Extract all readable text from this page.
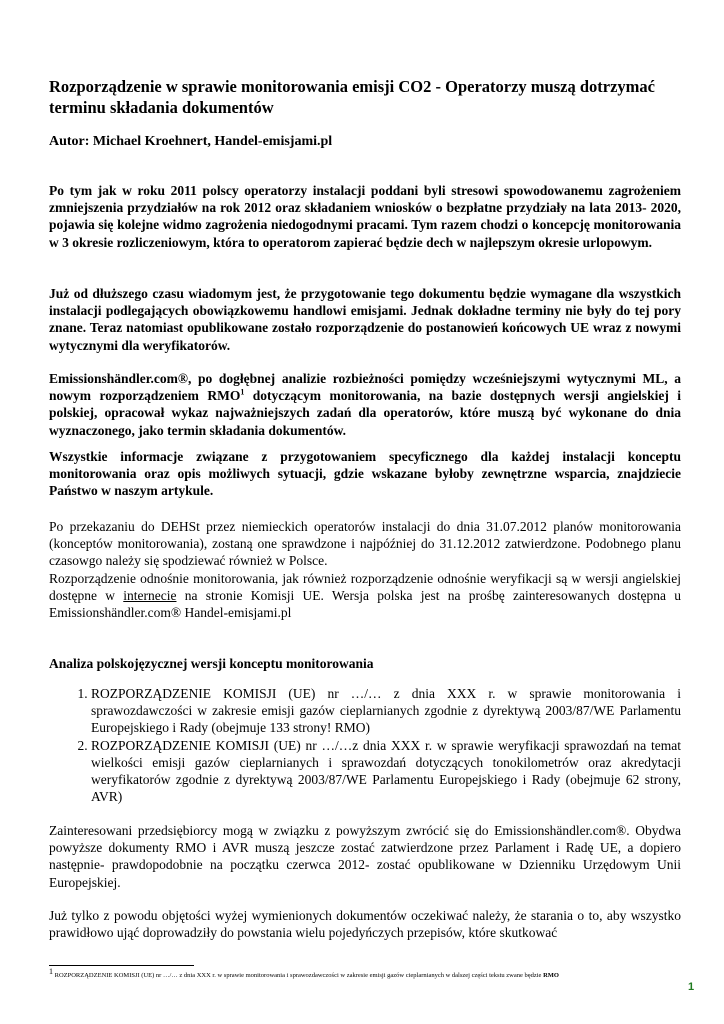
Rozporządzenie w sprawie monitorowania emisji CO2 - Operatorzy muszą dotrzymać terminu składania dokumentów

Autor: Michael Kroehnert, Handel-emisjami.pl

Po tym jak w roku 2011 polscy operatorzy instalacji poddani byli stresowi spowodowanemu zagrożeniem zmniejszenia przydziałów na rok 2012 oraz składaniem wniosków o bezpłatne przydziały na lata 2013- 2020, pojawia się kolejne widmo zagrożenia niedogodnymi pracami. Tym razem chodzi o koncepcję monitorowania w 3 okresie rozliczeniowym, która to operatorom zapierać będzie dech w najlepszym okresie urlopowym.

Już od dłuższego czasu wiadomym jest, że przygotowanie tego dokumentu będzie wymagane dla wszystkich instalacji podlegających obowiązkowemu handlowi emisjami. Jednak dokładne terminy nie były do tej pory znane. Teraz natomiast opublikowane zostało rozporządzenie do postanowień końcowych UE wraz z nowymi wytycznymi dla weryfikatorów.

Emissionshändler.com®, po dogłębnej analizie rozbieżności pomiędzy wcześniejszymi wytycznymi ML, a nowym rozporządzeniem RMO$^1$ dotyczącym monitorowania, na bazie dostępnych wersji angielskiej i polskiej, opracował wykaz najważniejszych zadań dla operatorów, które muszą być wykonane do dnia wyznaczonego, jako termin składania dokumentów.

Wszystkie informacje związane z przygotowaniem specyficznego dla każdej instalacji konceptu monitorowania oraz opis możliwych sytuacji, gdzie wskazane byłoby zewnętrzne wsparcia, znajdziecie Państwo w naszym artykule.

Po przekazaniu do DEHSt przez niemieckich operatorów instalacji do dnia 31.07.2012 planów monitorowania (konceptów monitorowania), zostaną one sprawdzone i najpóźniej do 31.12.2012 zatwierdzone. Podobnego planu czasowgo należy się spodziewać również w Polsce.

Rozporządzenie odnośnie monitorowania, jak również rozporządzenie odnośnie weryfikacji są w wersji angielskiej dostępne w internecie na stronie Komisji UE. Wersja polska jest na prośbę zainteresowanych dostępna u Emissionshändler.com® Handel-emisjami.pl

Analiza polskojęzycznej wersji konceptu monitorowania

1. ROZPORZĄDZENIE KOMISJI (UE) nr …/… z dnia XXX r. w sprawie monitorowania i sprawozdawczości w zakresie emisji gazów cieplarnianych zgodnie z dyrektywą 2003/87/WE Parlamentu Europejskiego i Rady (obejmuje 133 strony! RMO)
2. ROZPORZĄDZENIE KOMISJI (UE) nr …/…z dnia XXX r. w sprawie weryfikacji sprawozdań na temat wielkości emisji gazów cieplarnianych i sprawozdań dotyczących tonokilometrów oraz akredytacji weryfikatorów zgodnie z dyrektywą 2003/87/WE Parlamentu Europejskiego i Rady (obejmuje 62 strony, AVR)

Zainteresowani przedsiębiorcy mogą w związku z powyższym zwrócić się do Emissionshändler.com®. Obydwa powyższe dokumenty RMO i AVR muszą jeszcze zostać zatwierdzone przez Parlament i Radę UE, a dopiero następnie- prawdopodobnie na początku czerwca 2012- zostać opublikowane w Dzienniku Urzędowym Unii Europejskiej.

Już tylko z powodu objętości wyżej wymienionych dokumentów oczekiwać należy, że starania o to, aby wszystko prawidłowo ująć doprowadziły do powstania wielu pojedyńczych przepisów, które skutkować

$^1$ ROZPORZĄDZENIE KOMISJI (UE) nr …/… z dnia XXX r. w sprawie monitorowania i sprawozdawczości w zakresie emisji gazów cieplarnianych w dalszej części tekstu zwane będzie RMO

1
